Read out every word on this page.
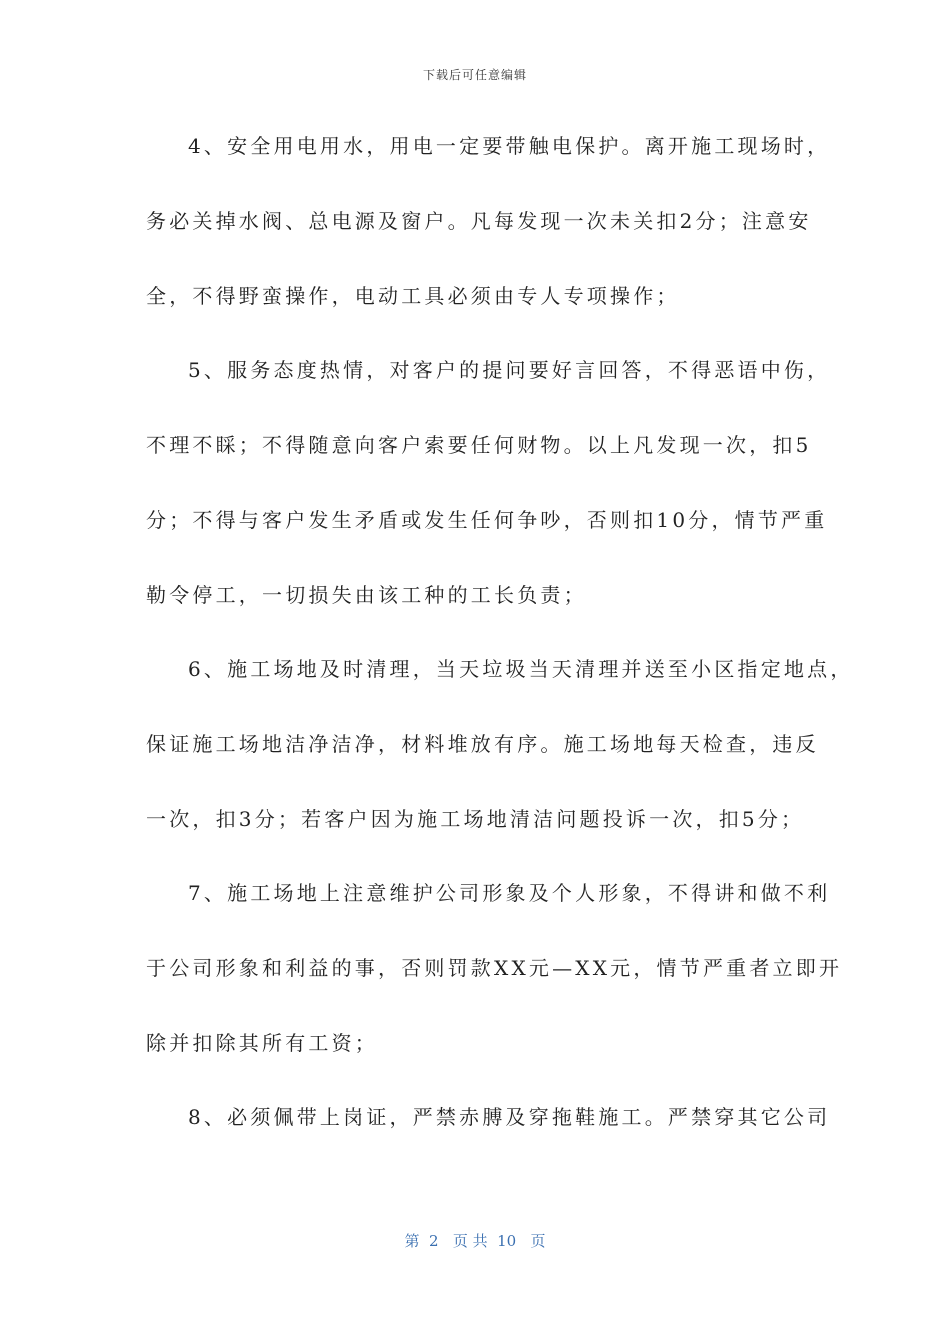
下载后可任意编辑
4、安全用电用水，用电一定要带触电保护。离开施工现场时，
务必关掉水阀、总电源及窗户。凡每发现一次未关扣2分；注意安
全，不得野蛮操作，电动工具必须由专人专项操作；
5、服务态度热情，对客户的提问要好言回答，不得恶语中伤，
不理不睬；不得随意向客户索要任何财物。以上凡发现一次，扣5
分；不得与客户发生矛盾或发生任何争吵，否则扣10分，情节严重
勒令停工，一切损失由该工种的工长负责；
6、施工场地及时清理，当天垃圾当天清理并送至小区指定地点，
保证施工场地洁净洁净，材料堆放有序。施工场地每天检查，违反
一次，扣3分；若客户因为施工场地清洁问题投诉一次，扣5分；
7、施工场地上注意维护公司形象及个人形象，不得讲和做不利
于公司形象和利益的事，否则罚款XX元—XX元，情节严重者立即开
除并扣除其所有工资；
8、必须佩带上岗证，严禁赤膊及穿拖鞋施工。严禁穿其它公司
第  2   页 共  10   页
